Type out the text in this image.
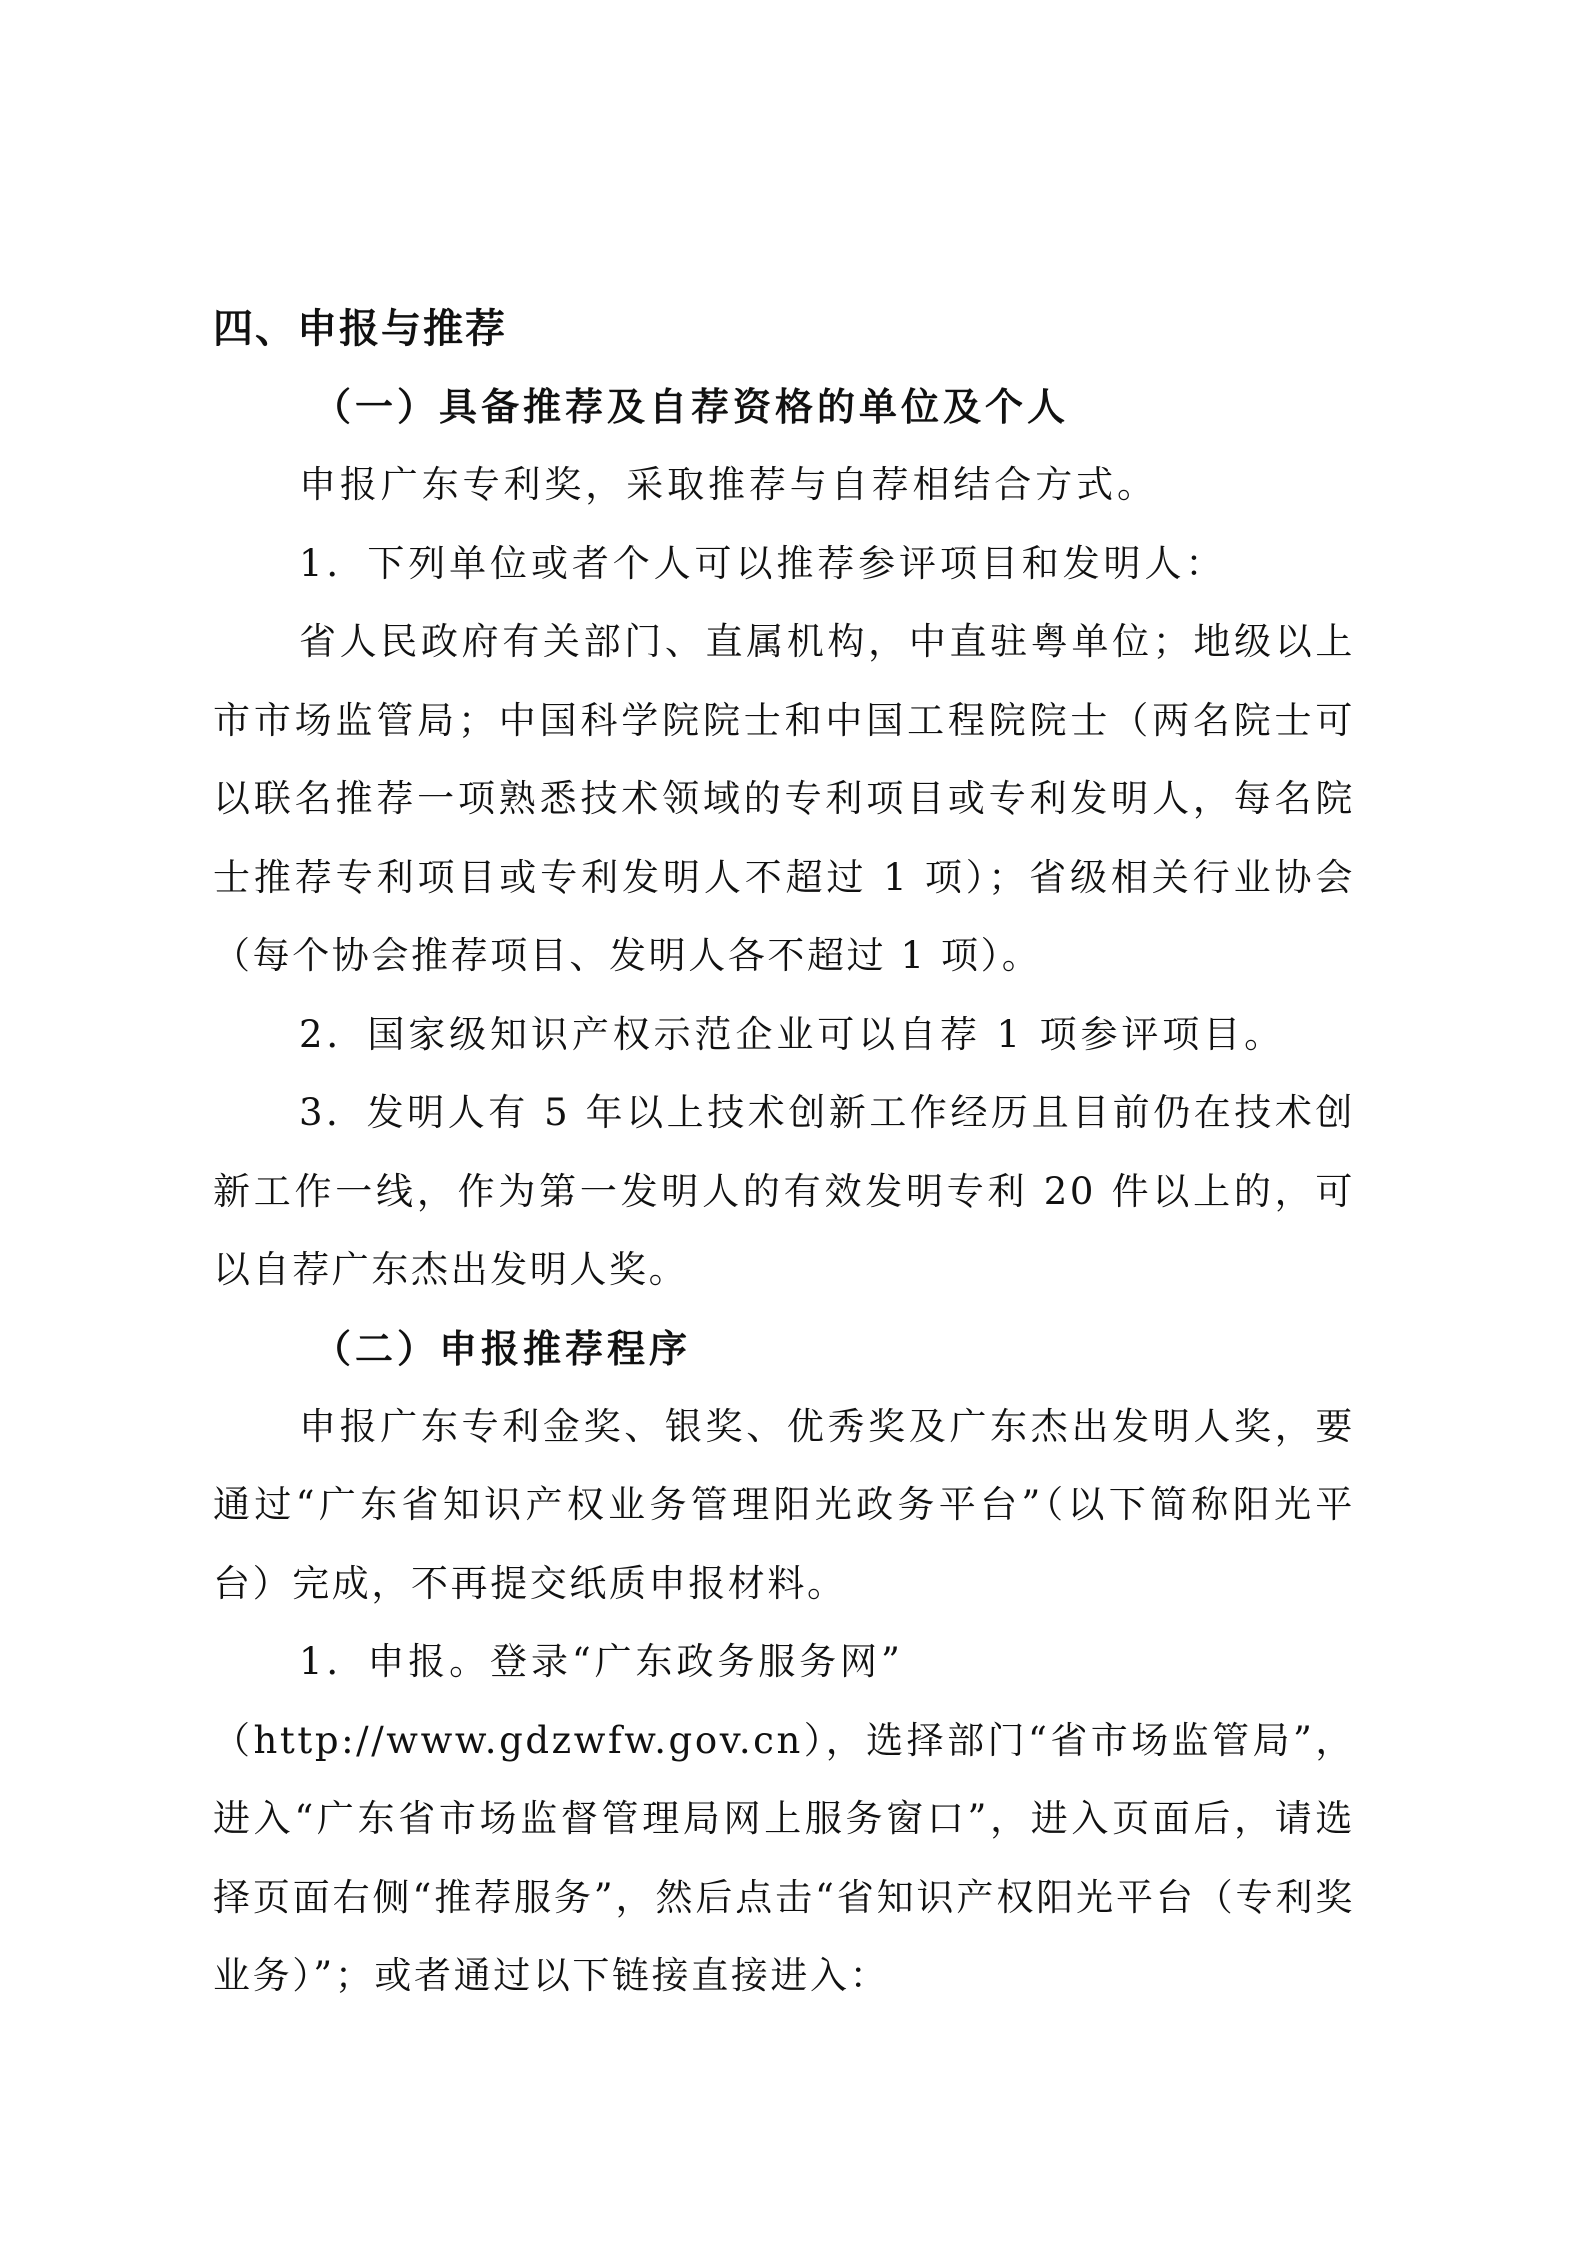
四、申报与推荐
（一）具备推荐及自荐资格的单位及个人

申报广东专利奖，采取推荐与自荐相结合方式。

1．下列单位或者个人可以推荐参评项目和发明人：

省人民政府有关部门、直属机构，中直驻粤单位；地级以上市市场监管局；中国科学院院士和中国工程院院士（两名院士可以联名推荐一项熟悉技术领域的专利项目或专利发明人，每名院士推荐专利项目或专利发明人不超过 1 项）；省级相关行业协会（每个协会推荐项目、发明人各不超过 1 项）。

2．国家级知识产权示范企业可以自荐 1 项参评项目。

3．发明人有 5 年以上技术创新工作经历且目前仍在技术创新工作一线，作为第一发明人的有效发明专利 20 件以上的，可以自荐广东杰出发明人奖。

（二）申报推荐程序

申报广东专利金奖、银奖、优秀奖及广东杰出发明人奖，要通过“广东省知识产权业务管理阳光政务平台”（以下简称阳光平台）完成，不再提交纸质申报材料。

1．申报。登录“广东政务服务网”

（http://www.gdzwfw.gov.cn），选择部门“省市场监管局”，进入“广东省市场监督管理局网上服务窗口”，进入页面后，请选择页面右侧“推荐服务”，然后点击“省知识产权阳光平台（专利奖业务）”；或者通过以下链接直接进入：
